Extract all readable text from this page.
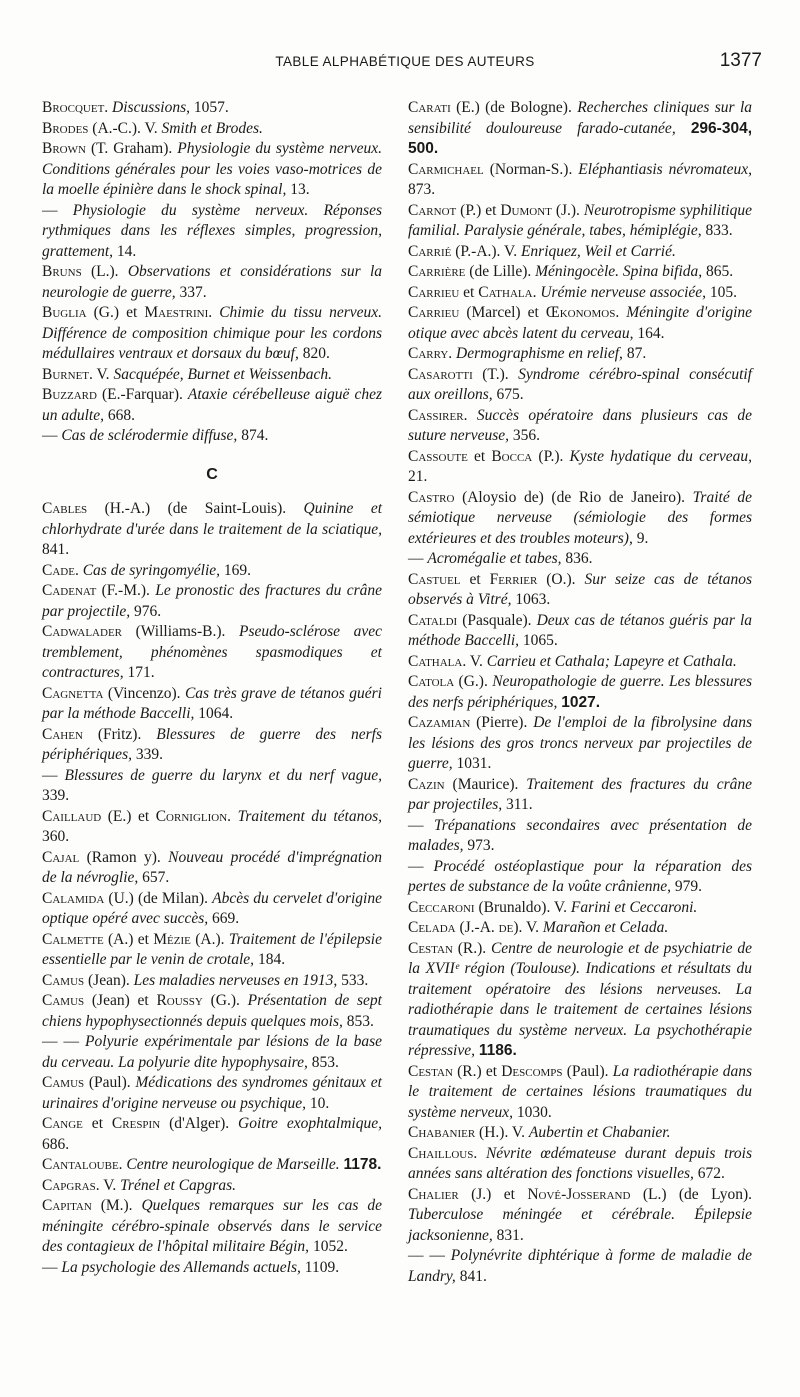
TABLE ALPHABÉTIQUE DES AUTEURS	1377
Brocquet. Discussions, 1057.
Brodes (A.-C.). V. Smith et Brodes.
Brown (T. Graham). Physiologie du système nerveux. Conditions générales pour les voies vaso-motrices de la moelle épinière dans le shock spinal, 13.
— Physiologie du système nerveux. Réponses rythmiques dans les réflexes simples, progression, grattement, 14.
Bruns (L.). Observations et considérations sur la neurologie de guerre, 337.
Buglia (G.) et Maestrini. Chimie du tissu nerveux. Différence de composition chimique pour les cordons médullaires ventraux et dorsaux du bœuf, 820.
Burnet. V. Sacquépée, Burnet et Weissenbach.
Buzzard (E.-Farquar). Ataxie cérébelleuse aiguë chez un adulte, 668.
— Cas de sclérodermie diffuse, 874.
C
Cables (H.-A.) (de Saint-Louis). Quinine et chlorhydrate d'urée dans le traitement de la sciatique, 841.
Cade. Cas de syringomyélie, 169.
Cadenat (F.-M.). Le pronostic des fractures du crâne par projectile, 976.
Cadwalader (Williams-B.). Pseudo-sclérose avec tremblement, phénomènes spasmodiques et contractures, 171.
Cagnetta (Vincenzo). Cas très grave de tétanos guéri par la méthode Baccelli, 1064.
Cahen (Fritz). Blessures de guerre des nerfs périphériques, 339.
— Blessures de guerre du larynx et du nerf vague, 339.
Caillaud (E.) et Corniglion. Traitement du tétanos, 360.
Cajal (Ramon y). Nouveau procédé d'imprégnation de la névroglie, 657.
Calamida (U.) (de Milan). Abcès du cervelet d'origine optique opéré avec succès, 669.
Calmette (A.) et Mézie (A.). Traitement de l'épilepsie essentielle par le venin de crotale, 184.
Camus (Jean). Les maladies nerveuses en 1913, 533.
Camus (Jean) et Roussy (G.). Présentation de sept chiens hypophysectionnés depuis quelques mois, 853.
— — Polyurie expérimentale par lésions de la base du cerveau. La polyurie dite hypophysaire, 853.
Camus (Paul). Médications des syndromes génitaux et urinaires d'origine nerveuse ou psychique, 10.
Cange et Crespin (d'Alger). Goitre exophtalmique, 686.
Cantaloube. Centre neurologique de Marseille. 1178.
Capgras. V. Trénel et Capgras.
Capitan (M.). Quelques remarques sur les cas de méningite cérébro-spinale observés dans le service des contagieux de l'hôpital militaire Bégin, 1052.
— La psychologie des Allemands actuels, 1109.
Carati (E.) (de Bologne). Recherches cliniques sur la sensibilité douloureuse farado-cutanée, 296-304, 500.
Carmichael (Norman-S.). Eléphantiasis névromateux, 873.
Carnot (P.) et Dumont (J.). Neurotropisme syphilitique familial. Paralysie générale, tabes, hémiplégie, 833.
Carrié (P.-A.). V. Enriquez, Weil et Carrié.
Carrière (de Lille). Méningocèle. Spina bifida, 865.
Carrieu et Cathala. Urémie nerveuse associée, 105.
Carrieu (Marcel) et Œkonomos. Méningite d'origine otique avec abcès latent du cerveau, 164.
Carry. Dermographisme en relief, 87.
Casarotti (T.). Syndrome cérébro-spinal consécutif aux oreillons, 675.
Cassirer. Succès opératoire dans plusieurs cas de suture nerveuse, 356.
Cassoute et Bocca (P.). Kyste hydatique du cerveau, 21.
Castro (Aloysio de) (de Rio de Janeiro). Traité de sémiotique nerveuse (sémiologie des formes extérieures et des troubles moteurs), 9.
— Acromégalie et tabes, 836.
Castuel et Ferrier (O.). Sur seize cas de tétanos observés à Vitré, 1063.
Cataldi (Pasquale). Deux cas de tétanos guéris par la méthode Baccelli, 1065.
Cathala. V. Carrieu et Cathala; Lapeyre et Cathala.
Catola (G.). Neuropathologie de guerre. Les blessures des nerfs périphériques, 1027.
Cazamian (Pierre). De l'emploi de la fibrolysine dans les lésions des gros troncs nerveux par projectiles de guerre, 1031.
Cazin (Maurice). Traitement des fractures du crâne par projectiles, 311.
— Trépanations secondaires avec présentation de malades, 973.
— Procédé ostéoplastique pour la réparation des pertes de substance de la voûte crânienne, 979.
Ceccaroni (Brunaldo). V. Farini et Ceccaroni.
Celada (J.-A. de). V. Marañon et Celada.
Cestan (R.). Centre de neurologie et de psychiatrie de la XVIIᵉ région (Toulouse). Indications et résultats du traitement opératoire des lésions nerveuses. La radiothérapie dans le traitement de certaines lésions traumatiques du système nerveux. La psychothérapie répressive, 1186.
Cestan (R.) et Descomps (Paul). La radiothérapie dans le traitement de certaines lésions traumatiques du système nerveux, 1030.
Chabanier (H.). V. Aubertin et Chabanier.
Chaillous. Névrite œdémateuse durant depuis trois années sans altération des fonctions visuelles, 672.
Chalier (J.) et Nové-Josserand (L.) (de Lyon). Tuberculose méningée et cérébrale. Épilepsie jacksonienne, 831.
— — Polynévrite diphtérique à forme de maladie de Landry, 841.
